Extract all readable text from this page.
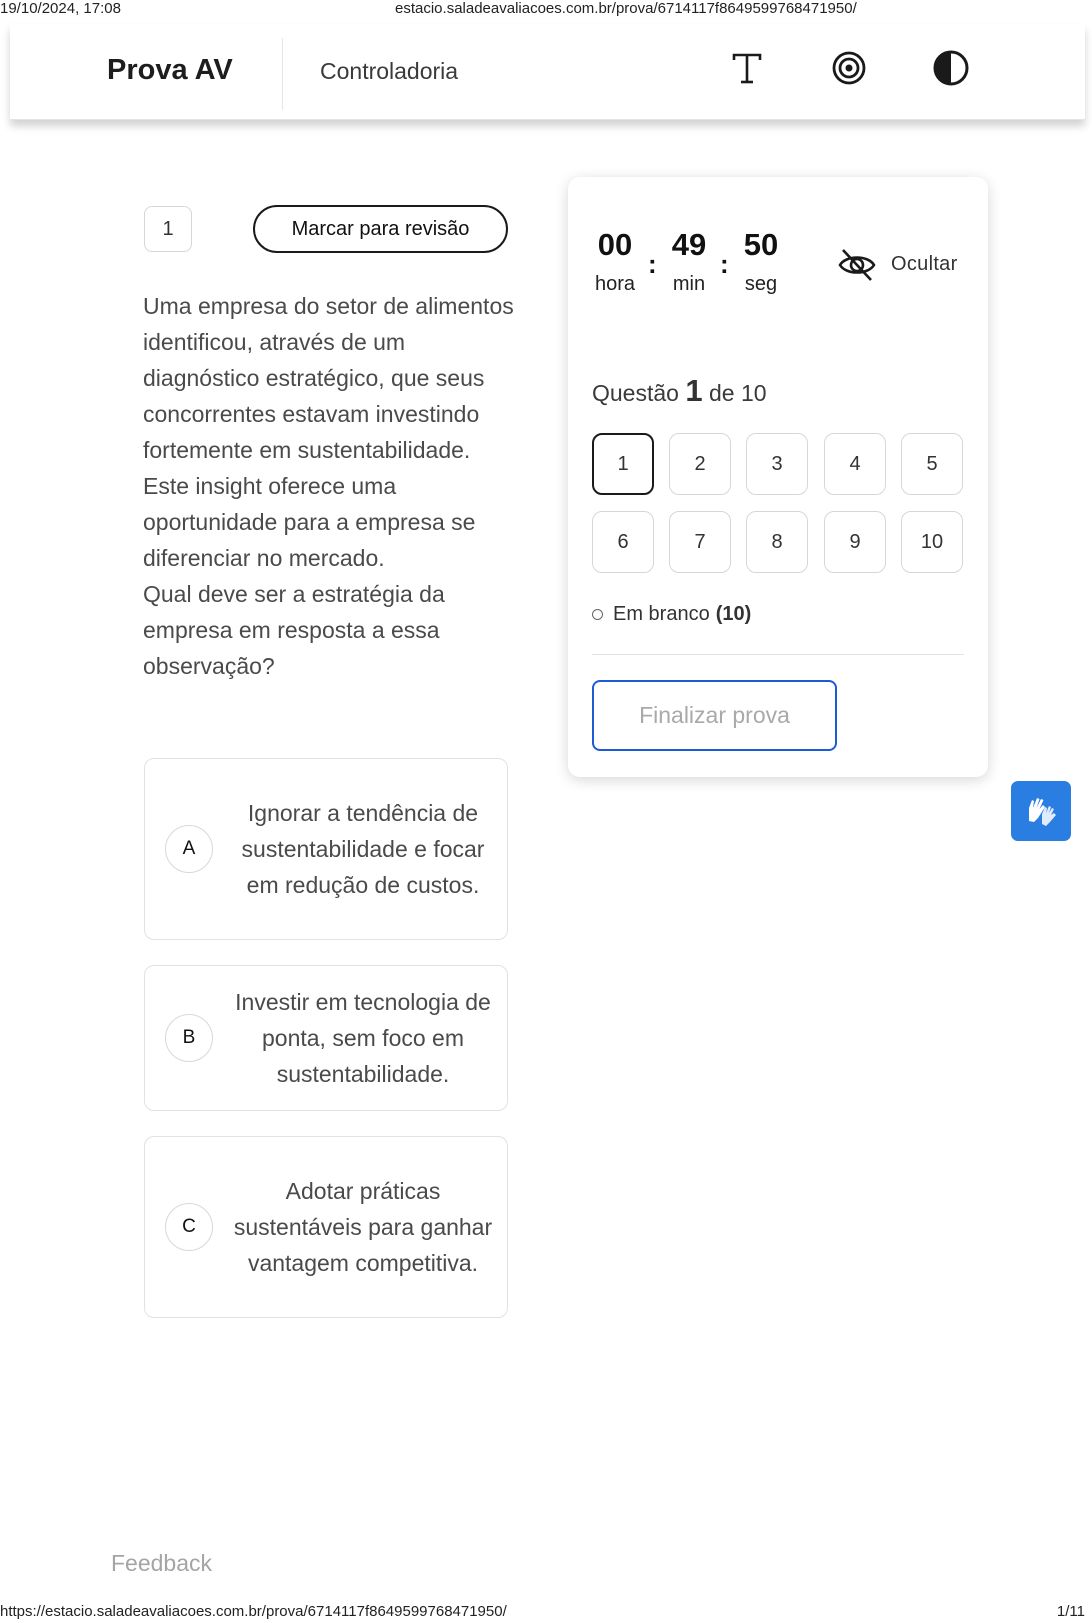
19/10/2024, 17:08	estacio.saladeavaliacoes.com.br/prova/6714117f8649599768471950/
Prova AV	Controladoria
1	Marcar para revisão

Uma empresa do setor de alimentos identificou, através de um diagnóstico estratégico, que seus concorrentes estavam investindo fortemente em sustentabilidade. Este insight oferece uma oportunidade para a empresa se diferenciar no mercado.

Qual deve ser a estratégia da empresa em resposta a essa observação?

A
Ignorar a tendência de sustentabilidade e focar em redução de custos.
B
Investir em tecnologia de ponta, sem foco em sustentabilidade.
C
Adotar práticas sustentáveis para ganhar vantagem competitiva.
00
hora
:
49
min
:
50
seg
Ocultar
Questão 1 de 10
1	2	3	4	5
6	7	8	9	10
Em branco (10)
Finalizar prova
Feedback
https://estacio.saladeavaliacoes.com.br/prova/6714117f8649599768471950/	1/11
